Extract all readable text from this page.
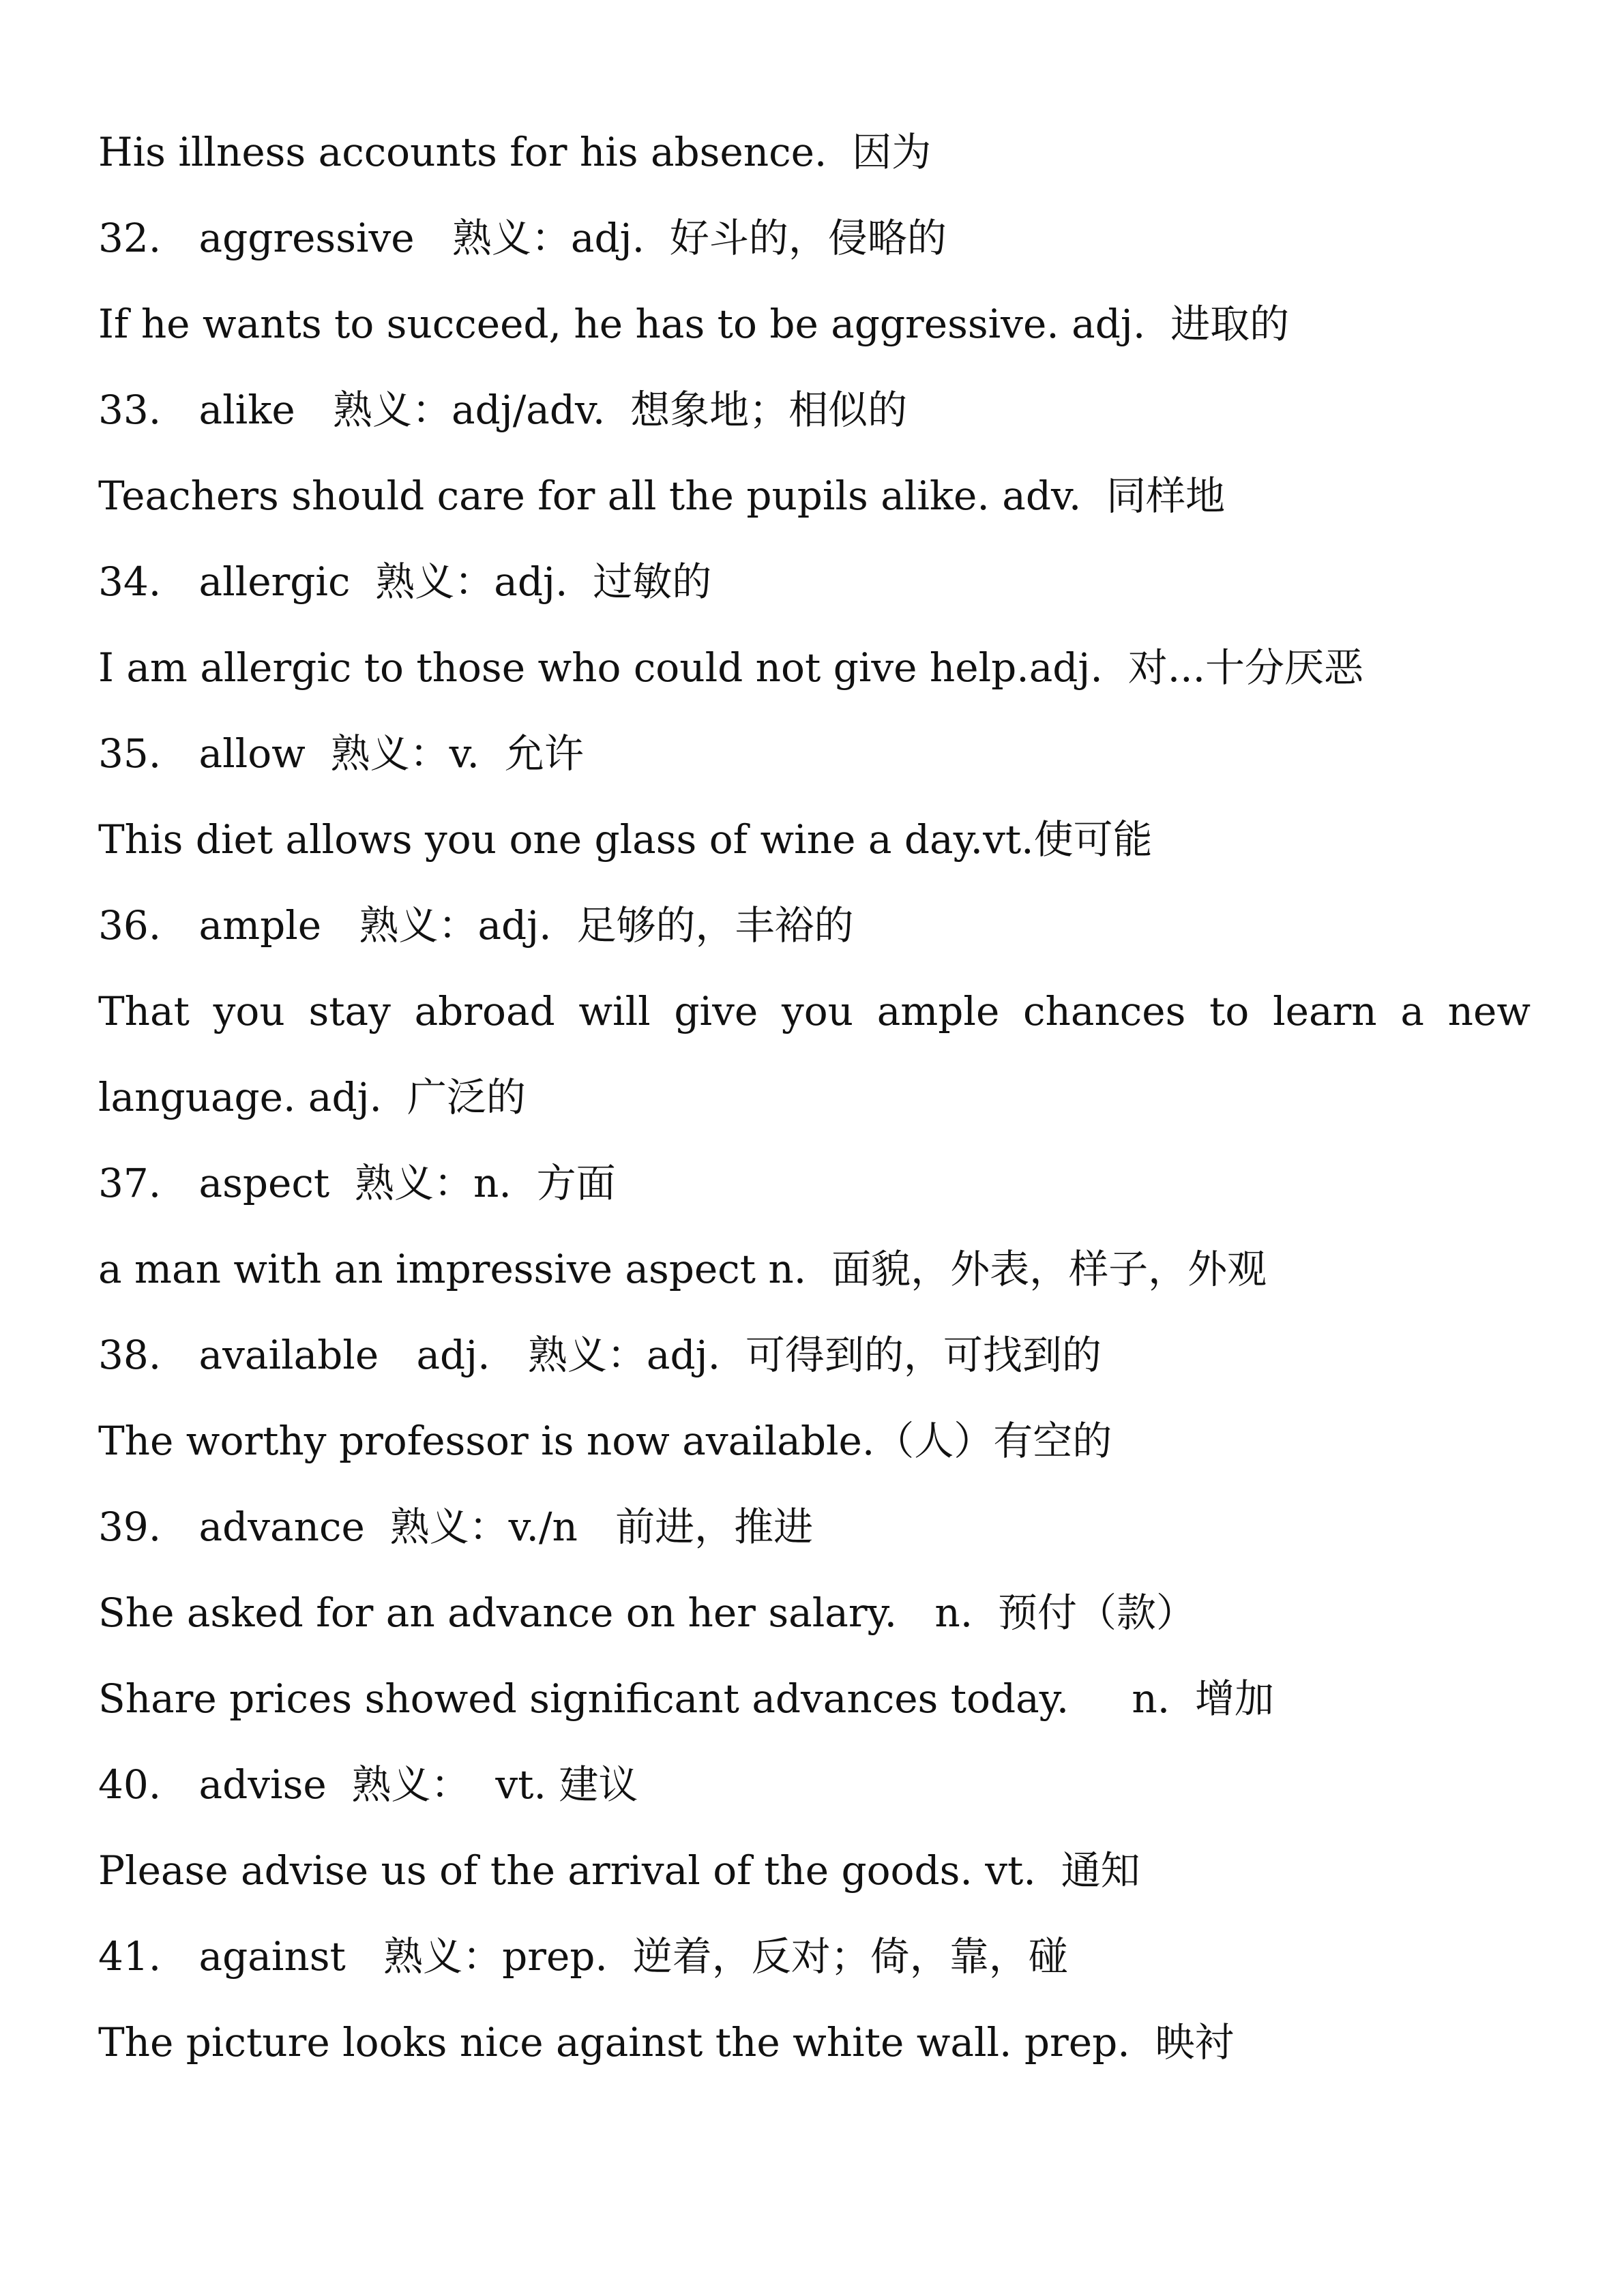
His illness accounts for his absence.  因为
32.   aggressive   熟义：adj.  好斗的，侵略的
If he wants to succeed, he has to be aggressive. adj.  进取的
33.   alike   熟义：adj/adv.  想象地；相似的
Teachers should care for all the pupils alike. adv.  同样地
34.   allergic  熟义：adj.  过敏的
I am allergic to those who could not give help.adj.  对...十分厌恶
35.   allow  熟义：v.  允许
This diet allows you one glass of wine a day.vt.使可能
36.   ample   熟义：adj.  足够的，丰裕的
That you stay abroad will give you ample chances to learn a new
language. adj.  广泛的
37.   aspect  熟义：n.  方面
a man with an impressive aspect n.  面貌，外表，样子，外观
38.   available   adj.   熟义：adj.  可得到的，可找到的
The worthy professor is now available.（人）有空的
39.   advance  熟义：v./n   前进，推进
She asked for an advance on her salary.   n.  预付（款）
Share prices showed significant advances today.     n.  增加
40.   advise  熟义：  vt. 建议
Please advise us of the arrival of the goods. vt.  通知
41.   against   熟义：prep.  逆着，反对；倚，靠，碰
The picture looks nice against the white wall. prep.  映衬
